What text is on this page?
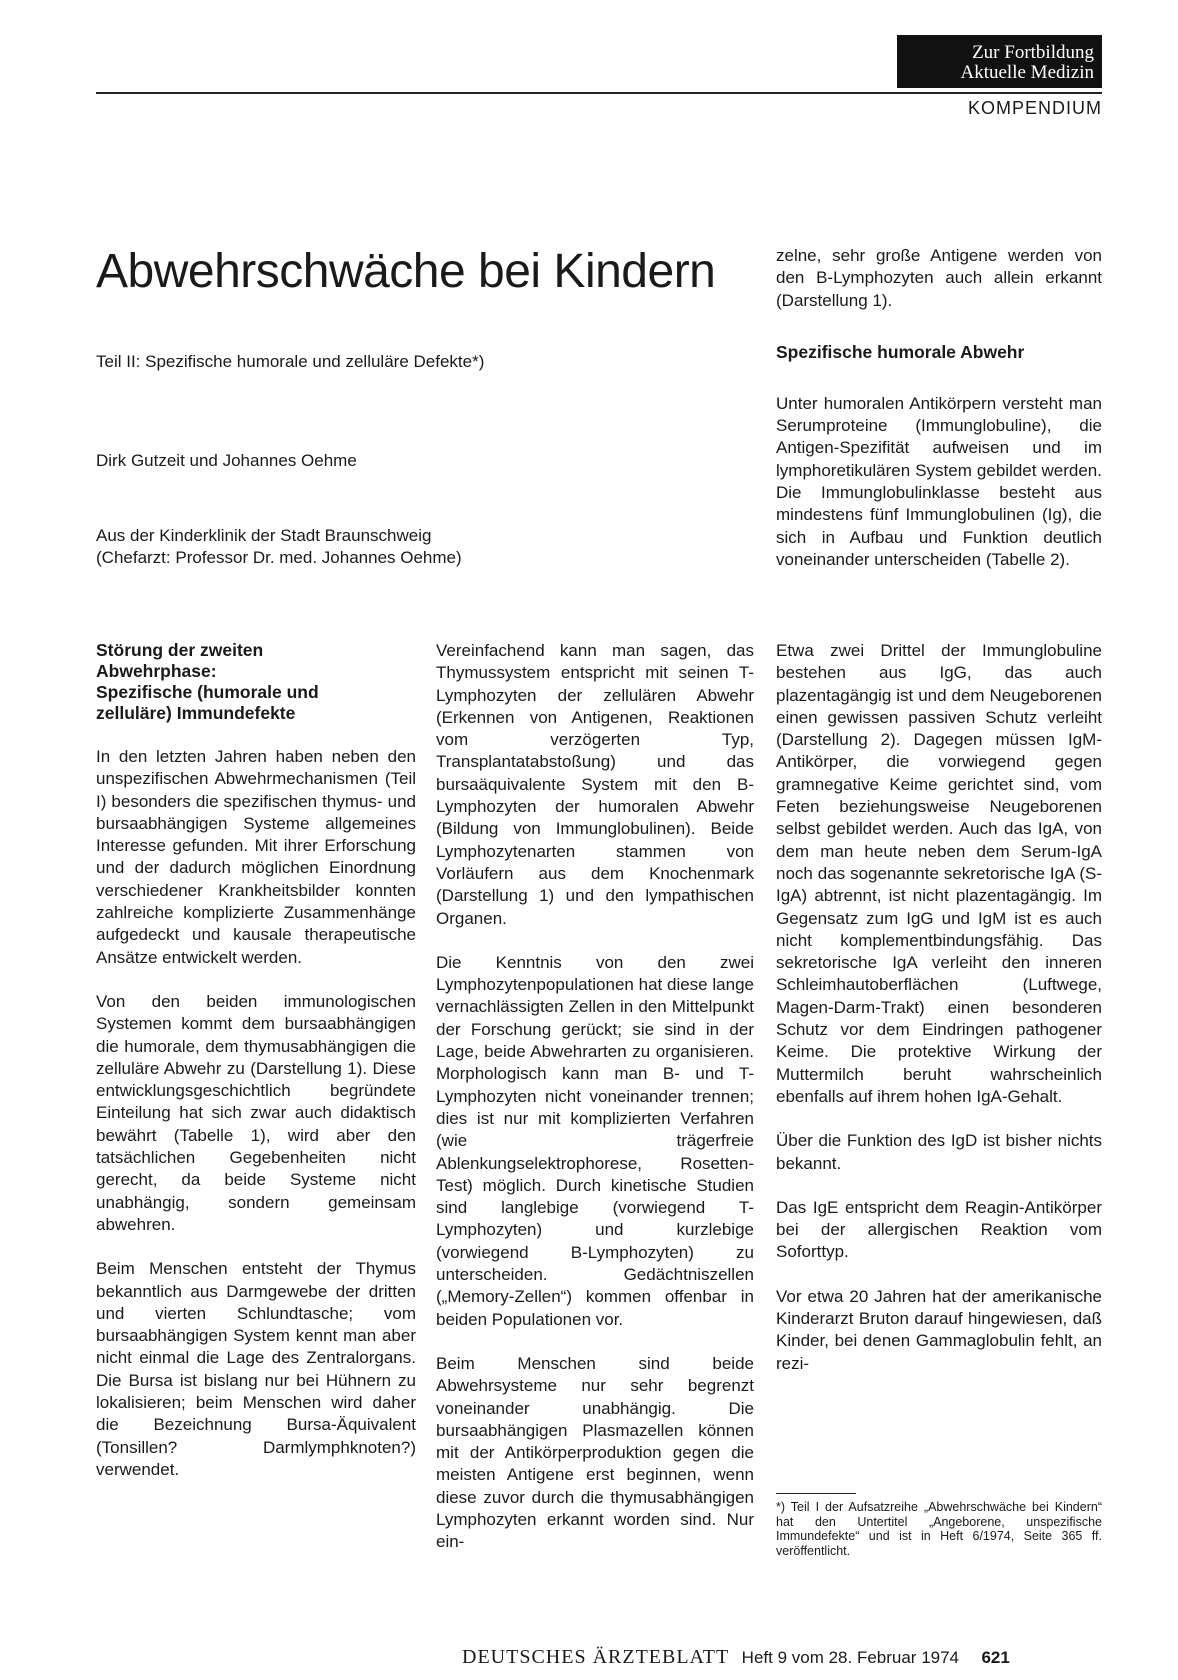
Zur Fortbildung
Aktuelle Medizin
KOMPENDIUM
Abwehrschwäche bei Kindern
Teil II: Spezifische humorale und zelluläre Defekte*)
Dirk Gutzeit und Johannes Oehme
Aus der Kinderklinik der Stadt Braunschweig
(Chefarzt: Professor Dr. med. Johannes Oehme)

zelne, sehr große Antigene werden von den B-Lymphozyten auch allein erkannt (Darstellung 1).

Spezifische humorale Abwehr

Unter humoralen Antikörpern versteht man Serumproteine (Immunglobuline), die Antigen-Spezifität aufweisen und im lymphoretikulären System gebildet werden. Die Immunglobulinklasse besteht aus mindestens fünf Immunglobulinen (Ig), die sich in Aufbau und Funktion deutlich voneinander unterscheiden (Tabelle 2).

Störung der zweiten
Abwehrphase:
Spezifische (humorale und
zelluläre) Immundefekte

In den letzten Jahren haben neben den unspezifischen Abwehrmechanismen (Teil I) besonders die spezifischen thymus- und bursaabhängigen Systeme allgemeines Interesse gefunden. Mit ihrer Erforschung und der dadurch möglichen Einordnung verschiedener Krankheitsbilder konnten zahlreiche komplizierte Zusammenhänge aufgedeckt und kausale therapeutische Ansätze entwickelt werden.

Von den beiden immunologischen Systemen kommt dem bursaabhängigen die humorale, dem thymusabhängigen die zelluläre Abwehr zu (Darstellung 1). Diese entwicklungsgeschichtlich begründete Einteilung hat sich zwar auch didaktisch bewährt (Tabelle 1), wird aber den tatsächlichen Gegebenheiten nicht gerecht, da beide Systeme nicht unabhängig, sondern gemeinsam abwehren.

Beim Menschen entsteht der Thymus bekanntlich aus Darmgewebe der dritten und vierten Schlundtasche; vom bursaabhängigen System kennt man aber nicht einmal die Lage des Zentralorgans. Die Bursa ist bislang nur bei Hühnern zu lokalisieren; beim Menschen wird daher die Bezeichnung Bursa-Äquivalent (Tonsillen? Darmlymphknoten?) verwendet.

Vereinfachend kann man sagen, das Thymussystem entspricht mit seinen T-Lymphozyten der zellulären Abwehr (Erkennen von Antigenen, Reaktionen vom verzögerten Typ, Transplantatabstoßung) und das bursaäquivalente System mit den B-Lymphozyten der humoralen Abwehr (Bildung von Immunglobulinen). Beide Lymphozytenarten stammen von Vorläufern aus dem Knochenmark (Darstellung 1) und den lympathischen Organen.

Die Kenntnis von den zwei Lymphozytenpopulationen hat diese lange vernachlässigten Zellen in den Mittelpunkt der Forschung gerückt; sie sind in der Lage, beide Abwehrarten zu organisieren. Morphologisch kann man B- und T-Lymphozyten nicht voneinander trennen; dies ist nur mit komplizierten Verfahren (wie trägerfreie Ablenkungselektrophorese, Rosetten-Test) möglich. Durch kinetische Studien sind langlebige (vorwiegend T-Lymphozyten) und kurzlebige (vorwiegend B-Lymphozyten) zu unterscheiden. Gedächtniszellen („Memory-Zellen“) kommen offenbar in beiden Populationen vor.

Beim Menschen sind beide Abwehrsysteme nur sehr begrenzt voneinander unabhängig. Die bursaabhängigen Plasmazellen können mit der Antikörperproduktion gegen die meisten Antigene erst beginnen, wenn diese zuvor durch die thymusabhängigen Lymphozyten erkannt worden sind. Nur ein-

Etwa zwei Drittel der Immunglobuline bestehen aus IgG, das auch plazentagängig ist und dem Neugeborenen einen gewissen passiven Schutz verleiht (Darstellung 2). Dagegen müssen IgM-Antikörper, die vorwiegend gegen gramnegative Keime gerichtet sind, vom Feten beziehungsweise Neugeborenen selbst gebildet werden. Auch das IgA, von dem man heute neben dem Serum-IgA noch das sogenannte sekretorische IgA (S-IgA) abtrennt, ist nicht plazentagängig. Im Gegensatz zum IgG und IgM ist es auch nicht komplementbindungsfähig. Das sekretorische IgA verleiht den inneren Schleimhautoberflächen (Luftwege, Magen-Darm-Trakt) einen besonderen Schutz vor dem Eindringen pathogener Keime. Die protektive Wirkung der Muttermilch beruht wahrscheinlich ebenfalls auf ihrem hohen IgA-Gehalt.

Über die Funktion des IgD ist bisher nichts bekannt.

Das IgE entspricht dem Reagin-Antikörper bei der allergischen Reaktion vom Soforttyp.

Vor etwa 20 Jahren hat der amerikanische Kinderarzt Bruton darauf hingewiesen, daß Kinder, bei denen Gammaglobulin fehlt, an rezi-

*) Teil I der Aufsatzreihe „Abwehrschwäche bei Kindern“ hat den Untertitel „Angeborene, unspezifische Immundefekte“ und ist in Heft 6/1974, Seite 365 ff. veröffentlicht.
DEUTSCHES ÄRZTEBLATT Heft 9 vom 28. Februar 1974 621
